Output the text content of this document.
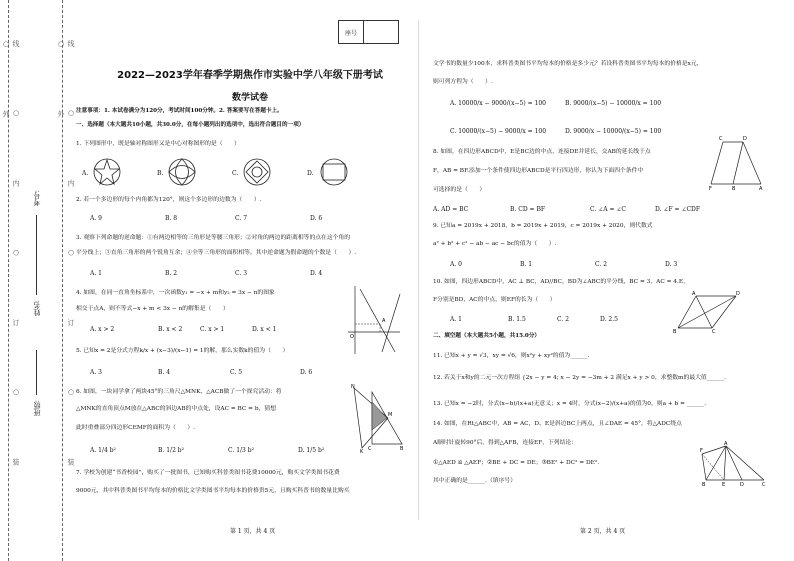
线 ○ 内 ○ 订 ○ 装 ○ 外	线 ○ 内 ○ 订 ○ 装 ○ 外
考号:
姓名:
班级:
座号	
2022—2023学年春季学期焦作市实验中学八年级下册考试
数学试卷
注意事项：1. 本试卷满分为120分，考试时间100分钟。2. 答案要写在答题卡上。
一、选择题（本大题共10小题，共30.0分，在每小题列出的选项中，选出符合题目的一项）
1. 下列图形中，既是轴对称图形又是中心对称图形的是（　　）
A.	B.	C.	D.
2. 若一个多边形的每个内角都为120°，则这个多边形的边数为（　　）.
A. 9	B. 8	C. 7	D. 6
3. 观察下列命题的逆命题：①有两边相等的三角形是等腰三角形；②对角的两边的距离相等的点在这个角的
平分线上；③直角三角形的两个锐角互余；④全等三角形的面积相等。其中逆命题为假命题的个数是（　　）.
A. 1	B. 2	C. 3	D. 4
4. 如图，在同一直角坐标系中，一次函数y₁ = −x + m和y₂ = 3x − n的图象
相交于点A，则不等式−x + m < 3x − n的解集是（　　）
A. x > 2	B. x < 2	C. x > 1	D. x < 1
O
A
5. 已知x = 2是分式方程k/x + (x−3)/(x−1) = 1的解，那么实数k的值为（　　）
A. 3	B. 4	C. 5	D. 6
6. 如图，一块同学拿了两块45°的三角尺△MNK、△ACB做了一个探究活动：将
△MNK的直角顶点M放在△ABC的斜边AB的中点处，设AC = BC = b，猜想
此时重叠部分四边形CEMF的面积为（　　）.
A. 1/4 b²	B. 1/2 b²	C. 1/3 b²	D. 1/5 b²
N
M
K C	B
7. 学校为创建“书香校园”，购买了一批图书，已知购买科普类图书花费10000元，购买文学类图书花费
9000元，其中科普类图书平均每本的价格比文学类图书平均每本的价格贵5元，且购买科普书的数量比购买
第 1 页，共 4 页
文学书的数量少100本，求科普类图书平均每本的价格是多少元？若设科普类图书平均每本的价格是x元，
则可列方程为（　　）.
A. 10000/x − 9000/(x−5) = 100	B. 9000/(x−5) − 10000/x = 100
C. 10000/(x−5) − 9000/x = 100	D. 9000/x − 10000/(x−5) = 100
8. 如图，在四边形ABCD中，E是BC边的中点，连接DE并延长，交AB的延长线于点
F，AB = BF.添加一个条件使四边形ABCD是平行四边形，你认为下面四个条件中
可选择的是（　　）
A. AD = BC	B. CD = BF	C. ∠A = ∠C	D. ∠F = ∠CDF
C	D
F	B	A
9. 已知a = 2019x + 2018，b = 2019x + 2019，c = 2019x + 2020，则代数式
a² + b² + c² − ab − ac − bc的值为（　　）.
A. 0	B. 1	C. 2	D. 3
10. 如图，四边形ABCD中，AC ⊥ BC，AD//BC，BD为∠ABC的平分线，BC = 3，AC = 4.E，
F分别是BD，AC的中点，则EF的长为（　　）
A. 1	B. 1.5	C. 2	D. 2.5
A	D
B	C
二、填空题（本大题共5小题，共15.0分）
11. 已知x + y = √3，xy = √6，则x²y + xy²的值为______.
12. 若关于x和y的二元一次方程组 {2x − y = 4; x − 2y = −3m + 2 满足x + y > 0，求整数m的最大值______.
13. 已知x = −2时，分式(x−b)/(x+a)无意义；x = 4时，分式(x−2)/(x+a)的值为0，则a + b = ______.
14. 如图，在Rt△ABC中，AB = AC，D、E是斜边BC上两点，且∠DAE = 45°，将△ADC绕点
A顺时针旋转90°后，得到△AFB，连接EF，下列结论：
①△AED ≌ △AEF；②BE + DC = DE；③BE² + DC² = DE².
其中正确的是______.（填序号）
A
F
B	E	D	C
第 2 页，共 4 页
